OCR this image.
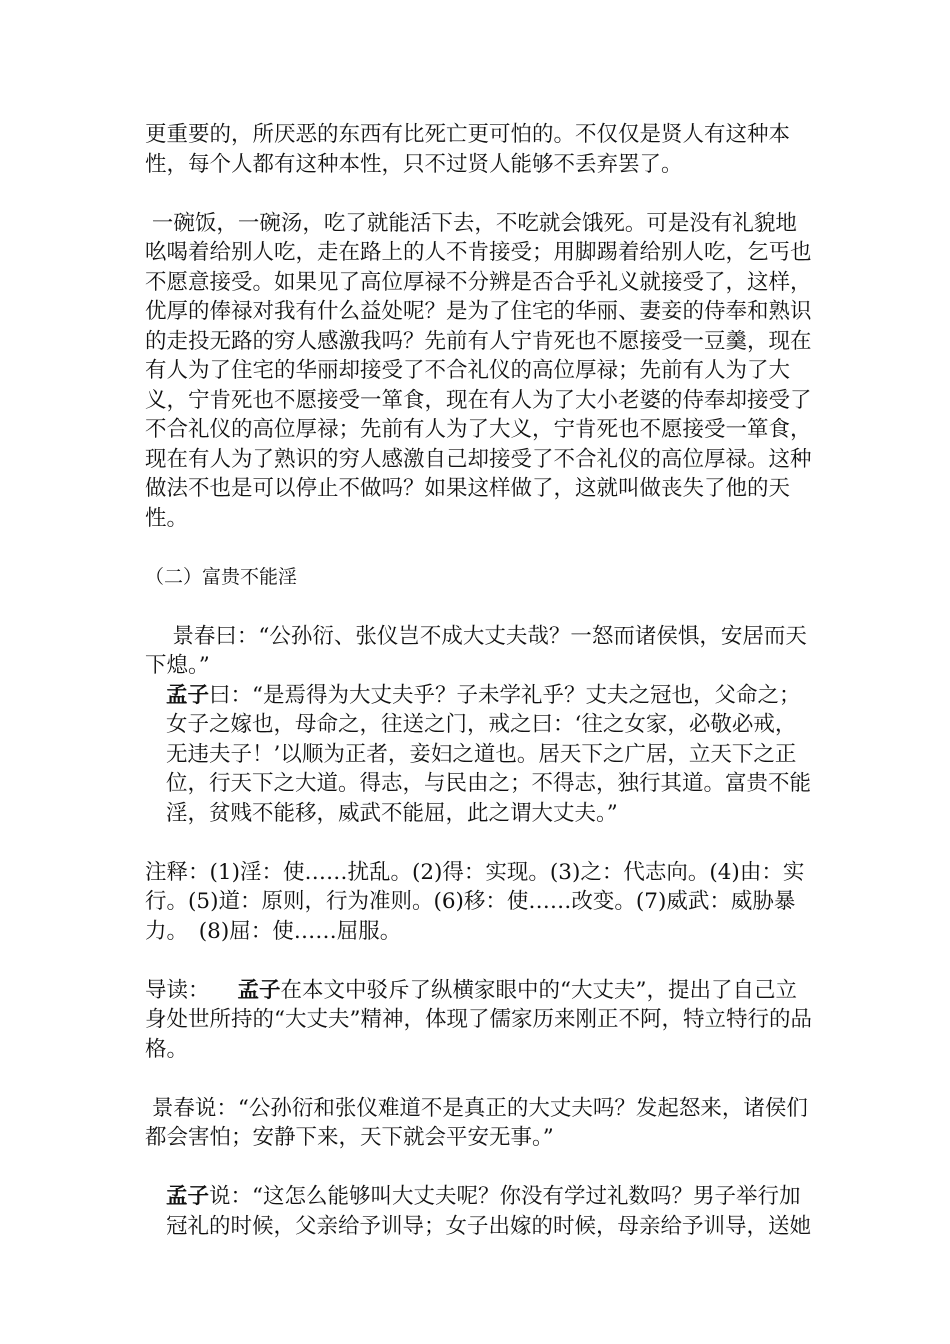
更重要的，所厌恶的东西有比死亡更可怕的。不仅仅是贤人有这种本性，每个人都有这种本性，只不过贤人能够不丢弃罢了。

一碗饭，一碗汤，吃了就能活下去，不吃就会饿死。可是没有礼貌地吆喝着给别人吃，走在路上的人不肯接受；用脚踢着给别人吃，乞丐也不愿意接受。如果见了高位厚禄不分辨是否合乎礼义就接受了，这样，优厚的俸禄对我有什么益处呢？是为了住宅的华丽、妻妾的侍奉和熟识的走投无路的穷人感激我吗？先前有人宁肯死也不愿接受一豆羹，现在有人为了住宅的华丽却接受了不合礼仪的高位厚禄；先前有人为了大义，宁肯死也不愿接受一箪食，现在有人为了大小老婆的侍奉却接受了不合礼仪的高位厚禄；先前有人为了大义，宁肯死也不愿接受一箪食，现在有人为了熟识的穷人感激自己却接受了不合礼仪的高位厚禄。这种做法不也是可以停止不做吗？如果这样做了，这就叫做丧失了他的天性。

（二）富贵不能淫

景春曰：“公孙衍、张仪岂不成大丈夫哉？一怒而诸侯惧，安居而天下熄。”

孟子曰：“是焉得为大丈夫乎？子未学礼乎？丈夫之冠也，父命之；女子之嫁也，母命之，往送之门，戒之曰：‘往之女家，必敬必戒，无违夫子！’以顺为正者，妾妇之道也。居天下之广居，立天下之正位，行天下之大道。得志，与民由之；不得志，独行其道。富贵不能淫，贫贱不能移，威武不能屈，此之谓大丈夫。”

注释：(1)淫：使……扰乱。(2)得：实现。(3)之：代志向。(4)由：实行。(5)道：原则，行为准则。(6)移：使……改变。(7)威武：威胁暴力。　(8)屈：使……屈服。

导读： 孟子在本文中驳斥了纵横家眼中的“大丈夫”，提出了自己立身处世所持的“大丈夫”精神，体现了儒家历来刚正不阿，特立特行的品格。

景春说：“公孙衍和张仪难道不是真正的大丈夫吗？发起怒来，诸侯们都会害怕；安静下来，天下就会平安无事。”

孟子说：“这怎么能够叫大丈夫呢？你没有学过礼数吗？男子举行加冠礼的时候，父亲给予训导；女子出嫁的时候，母亲给予训导，送她
